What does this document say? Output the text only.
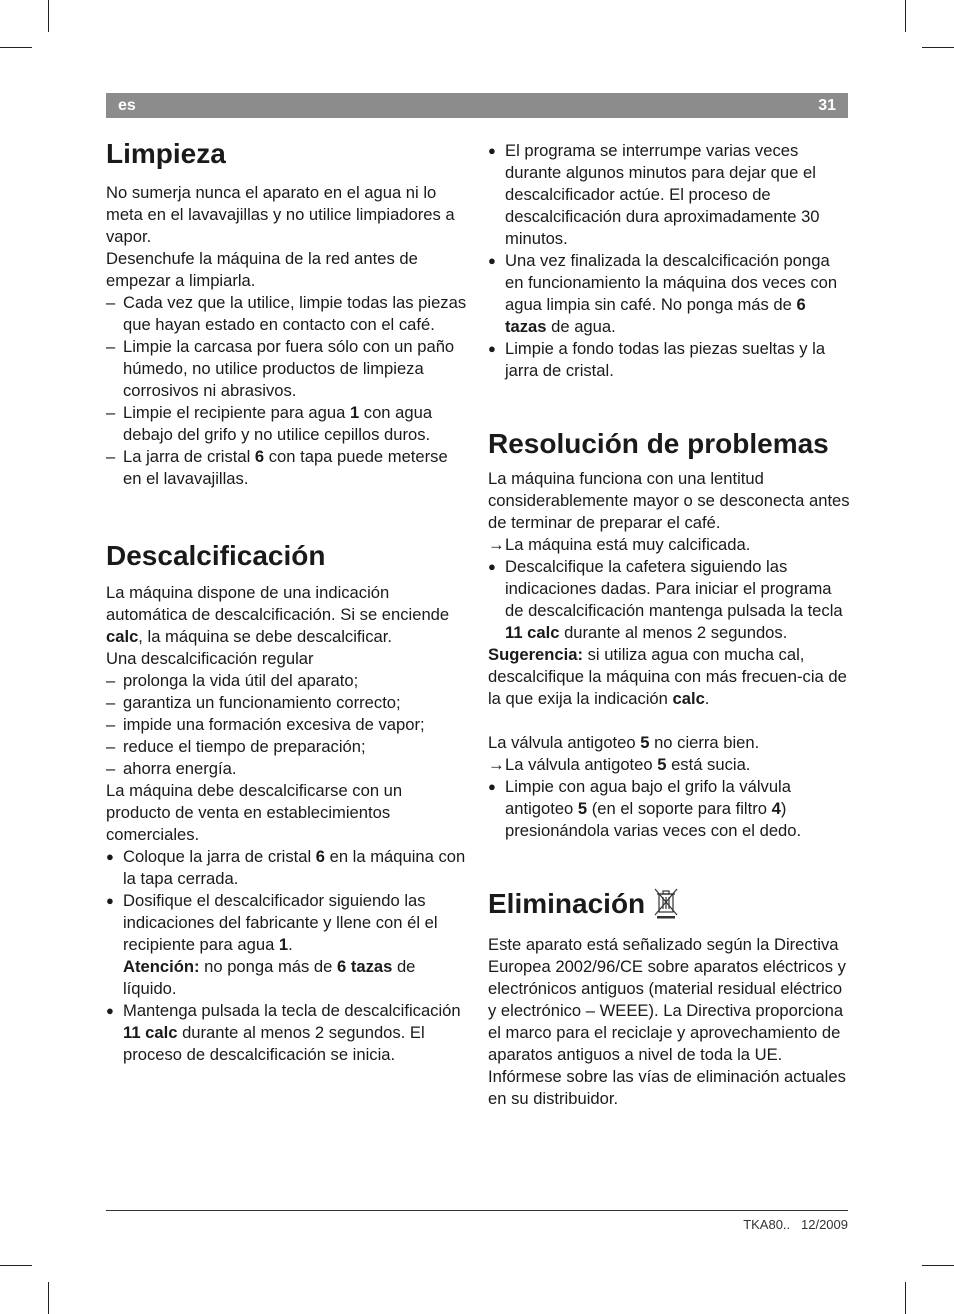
es	31
Limpieza

No sumerja nunca el aparato en el agua ni lo meta en el lavavajillas y no utilice limpiadores a vapor.

Desenchufe la máquina de la red antes de empezar a limpiarla.

– Cada vez que la utilice, limpie todas las piezas que hayan estado en contacto con el café.
– Limpie la carcasa por fuera sólo con un paño húmedo, no utilice productos de limpieza corrosivos ni abrasivos.
– Limpie el recipiente para agua 1 con agua debajo del grifo y no utilice cepillos duros.
– La jarra de cristal 6 con tapa puede meterse en el lavavajillas.
Descalcificación

La máquina dispone de una indicación automática de descalcificación. Si se enciende calc, la máquina se debe descalcificar.

Una descalcificación regular

– prolonga la vida útil del aparato;
– garantiza un funcionamiento correcto;
– impide una formación excesiva de vapor;
– reduce el tiempo de preparación;
– ahorra energía.

La máquina debe descalcificarse con un producto de venta en establecimientos comerciales.

● Coloque la jarra de cristal 6 en la máquina con la tapa cerrada.
● Dosifique el descalcificador siguiendo las indicaciones del fabricante y llene con él el recipiente para agua 1.
Atención: no ponga más de 6 tazas de líquido.
● Mantenga pulsada la tecla de descalcificación 11 calc durante al menos 2 segundos. El proceso de descalcificación se inicia.
● El programa se interrumpe varias veces durante algunos minutos para dejar que el descalcificador actúe. El proceso de descalcificación dura aproximadamente 30 minutos.
● Una vez finalizada la descalcificación ponga en funcionamiento la máquina dos veces con agua limpia sin café. No ponga más de 6 tazas de agua.
● Limpie a fondo todas las piezas sueltas y la jarra de cristal.
Resolución de problemas

La máquina funciona con una lentitud considerablemente mayor o se desconecta antes de terminar de preparar el café.

→ La máquina está muy calcificada.
● Descalcifique la cafetera siguiendo las indicaciones dadas. Para iniciar el programa de descalcificación mantenga pulsada la tecla 11 calc durante al menos 2 segundos.

Sugerencia: si utiliza agua con mucha cal, descalcifique la máquina con más frecuen-cia de la que exija la indicación calc.

La válvula antigoteo 5 no cierra bien.

→ La válvula antigoteo 5 está sucia.
● Limpie con agua bajo el grifo la válvula antigoteo 5 (en el soporte para filtro 4) presionándola varias veces con el dedo.
Eliminación

Este aparato está señalizado según la Directiva Europea 2002/96/CE sobre aparatos eléctricos y electrónicos antiguos (material residual eléctrico y electrónico – WEEE). La Directiva proporciona el marco para el reciclaje y aprovechamiento de aparatos antiguos a nivel de toda la UE. Infórmese sobre las vías de eliminación actuales en su distribuidor.

TKA80.. 12/2009
